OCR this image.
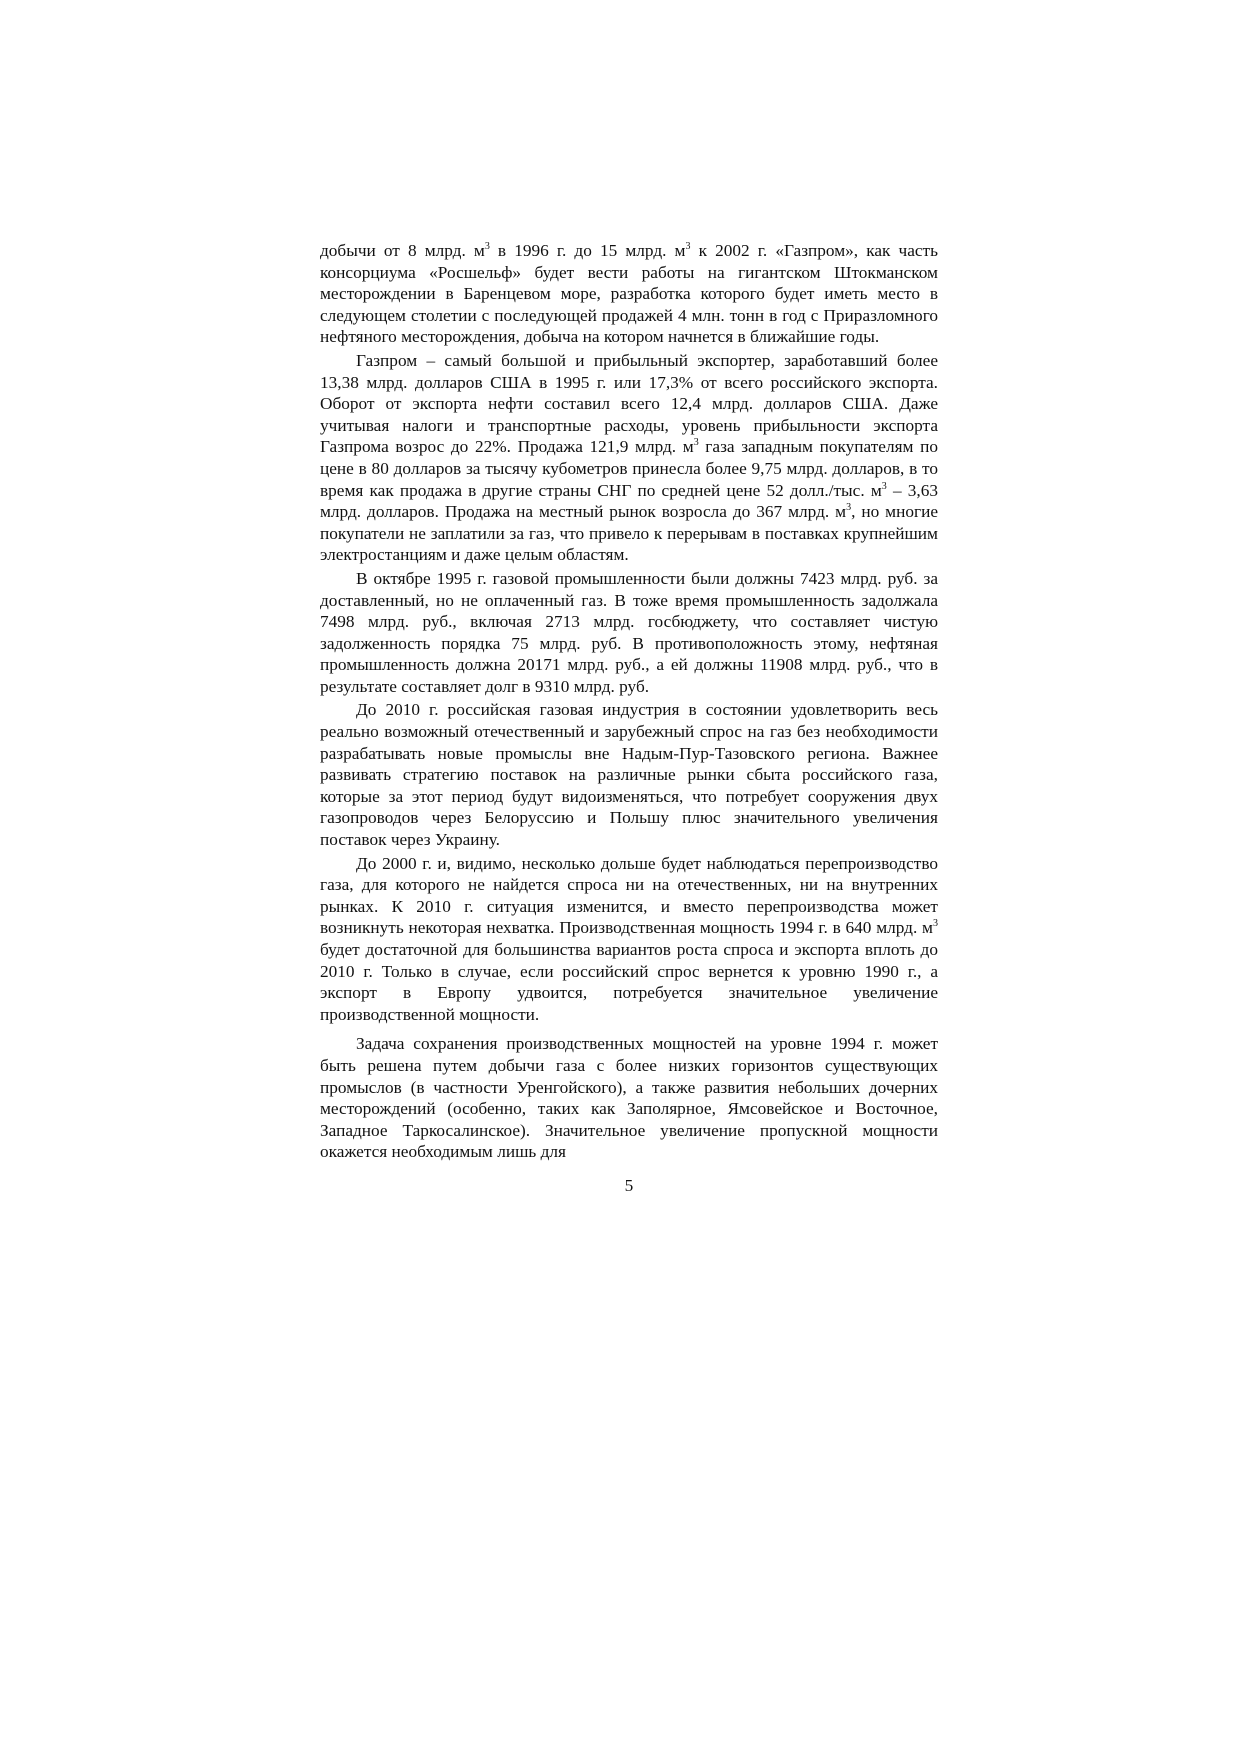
добычи от 8 млрд. $м^3$ в 1996 г. до 15 млрд. $м^3$ к 2002 г. «Газпром», как часть консорциума «Росшельф» будет вести работы на гигантском Штокманском месторождении в Баренцевом море, разработка которого будет иметь место в следующем столетии с последующей продажей 4 млн. тонн в год с Приразломного нефтяного месторождения, добыча на котором начнется в ближайшие годы.

Газпром – самый большой и прибыльный экспортер, заработавший более 13,38 млрд. долларов США в 1995 г. или 17,3% от всего российского экспорта. Оборот от экспорта нефти составил всего 12,4 млрд. долларов США. Даже учитывая налоги и транспортные расходы, уровень прибыльности экспорта Газпрома возрос до 22%. Продажа 121,9 млрд. $м^3$ газа западным покупателям по цене в 80 долларов за тысячу кубометров принесла более 9,75 млрд. долларов, в то время как продажа в другие страны СНГ по средней цене 52 долл./тыс. $м^3 - 3,63$ млрд. долларов. Продажа на местный рынок возросла до 367 млрд. $м^3$, но многие покупатели не заплатили за газ, что привело к перерывам в поставках крупнейшим электростанциям и даже целым областям.

В октябре 1995 г. газовой промышленности были должны 7423 млрд. руб. за доставленный, но не оплаченный газ. В тоже время промышленность задолжала 7498 млрд. руб., включая 2713 млрд. госбюджету, что составляет чистую задолженность порядка 75 млрд. руб. В противоположность этому, нефтяная промышленность должна 20171 млрд. руб., а ей должны 11908 млрд. руб., что в результате составляет долг в 9310 млрд. руб.

До 2010 г. российская газовая индустрия в состоянии удовлетворить весь реально возможный отечественный и зарубежный спрос на газ без необходимости разрабатывать новые промыслы вне Надым-Пур-Тазовского региона. Важнее развивать стратегию поставок на различные рынки сбыта российского газа, которые за этот период будут видоизменяться, что потребует сооружения двух газопроводов через Белоруссию и Польшу плюс значительного увеличения поставок через Украину.

До 2000 г. и, видимо, несколько дольше будет наблюдаться перепроизводство газа, для которого не найдется спроса ни на отечественных, ни на внутренних рынках. К 2010 г. ситуация изменится, и вместо перепроизводства может возникнуть некоторая нехватка. Производственная мощность 1994 г. в 640 млрд. $м^3$ будет достаточной для большинства вариантов роста спроса и экспорта вплоть до 2010 г. Только в случае, если российский спрос вернется к уровню 1990 г., а экспорт в Европу удвоится, потребуется значительное увеличение производственной мощности.

Задача сохранения производственных мощностей на уровне 1994 г. может быть решена путем добычи газа с более низких горизонтов существующих промыслов (в частности Уренгойского), а также развития небольших дочерних месторождений (особенно, таких как Заполярное, Ямсовейское и Восточное, Западное Таркосалинское). Значительное увеличение пропускной мощности окажется необходимым лишь для

5
